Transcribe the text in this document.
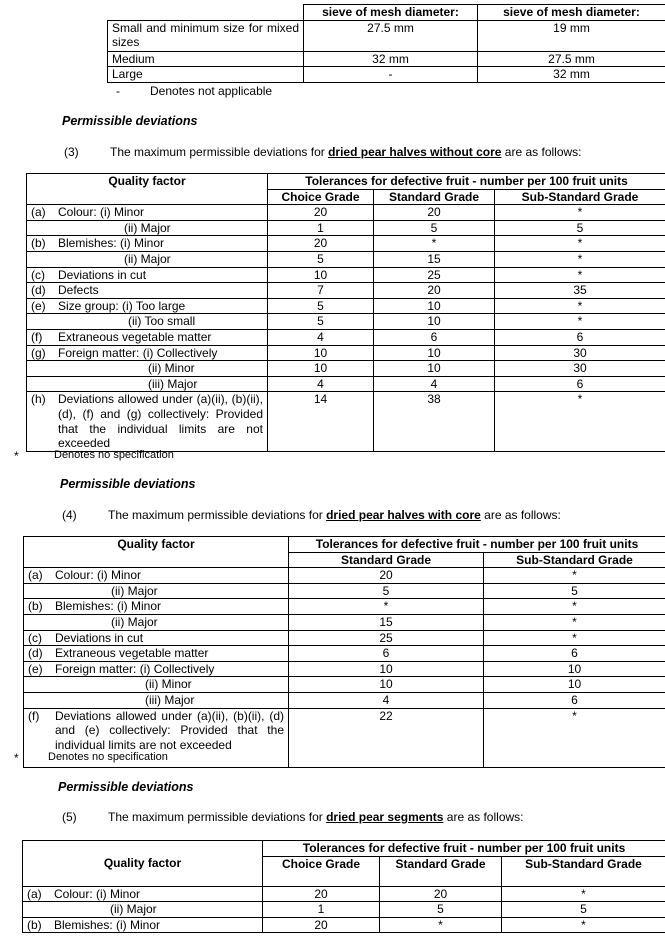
	sieve of mesh diameter:	sieve of mesh diameter:
Small and minimum size for mixed sizes	27.5 mm	19 mm
Medium	32 mm	27.5 mm
Large	-	32 mm
-	Denotes not applicable
Permissible deviations
(3)	The maximum permissible deviations for dried pear halves without core are as follows:
Quality factor	Tolerances for defective fruit - number per 100 fruit units		
	Choice Grade	Standard Grade	Sub-Standard Grade
(a) Colour: (i) Minor	20	20	*
(ii) Major	1	5	5
(b) Blemishes: (i) Minor	20	*	*
(ii) Major	5	15	*
(c) Deviations in cut	10	25	*
(d) Defects	7	20	35
(e) Size group: (i) Too large	5	10	*
(ii) Too small	5	10	*
(f) Extraneous vegetable matter	4	6	6
(g) Foreign matter: (i) Collectively	10	10	30
(ii) Minor	10	10	30
(iii) Major	4	4	6

(h) Deviations allowed under (a)(ii), (b)(ii), (d), (f) and (g) collectively: Provided that the individual limits are not exceeded	14	38	*
*	Denotes no specification
Permissible deviations
(4)	The maximum permissible deviations for dried pear halves with core are as follows:
Quality factor	Tolerances for defective fruit - number per 100 fruit units	
	Standard Grade	Sub-Standard Grade
(a) Colour: (i) Minor	20	*
(ii) Major	5	5
(b) Blemishes: (i) Minor	*	*
(ii) Major	15	*
(c) Deviations in cut	25	*
(d) Extraneous vegetable matter	6	6
(e) Foreign matter: (i) Collectively	10	10
(ii) Minor	10	10
(iii) Major	4	6

(f) Deviations allowed under (a)(ii), (b)(ii), (d) and (e) collectively: Provided that the individual limits are not exceeded	22	*
*	Denotes no specification
Permissible deviations
(5)	The maximum permissible deviations for dried pear segments are as follows:
Quality factor	Tolerances for defective fruit - number per 100 fruit units		
	Choice Grade	Standard Grade	Sub-Standard Grade

(a) Colour: (i) Minor	20	20	*
(ii) Major	1	5	5
(b) Blemishes: (i) Minor	20	*	*
